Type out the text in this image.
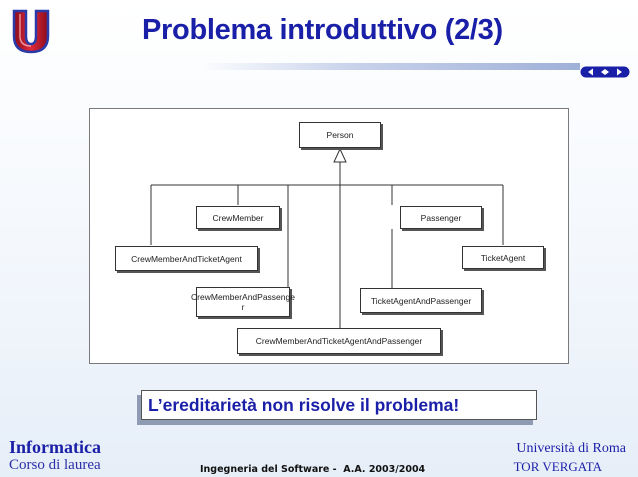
Problema introduttivo (2/3)
Person
CrewMember	Passenger
CrewMemberAndTicketAgent	TicketAgent
CrewMemberAndPassenge
r
TicketAgentAndPassenger
CrewMemberAndTicketAgentAndPassenger
L’ereditarietà non risolve il problema!
Informatica
Corso di laurea	Ingegneria del Software -  A.A. 2003/2004
Università di Roma
TOR VERGATA
